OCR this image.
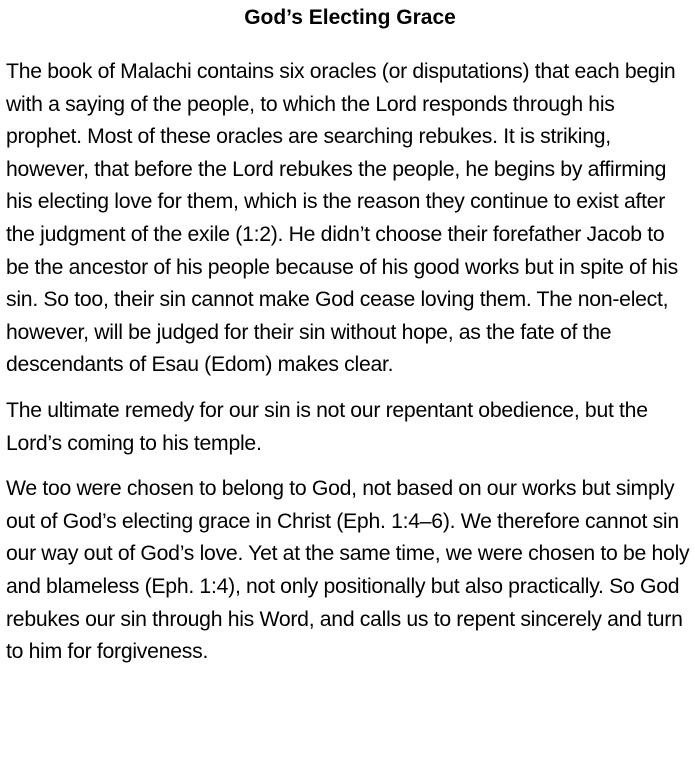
God’s Electing Grace

The book of Malachi contains six oracles (or disputations) that each begin with a saying of the people, to which the Lord responds through his prophet. Most of these oracles are searching rebukes. It is striking, however, that before the Lord rebukes the people, he begins by affirming his electing love for them, which is the reason they continue to exist after the judgment of the exile (1:2). He didn’t choose their forefather Jacob to be the ancestor of his people because of his good works but in spite of his sin. So too, their sin cannot make God cease loving them. The non-elect, however, will be judged for their sin without hope, as the fate of the descendants of Esau (Edom) makes clear.

The ultimate remedy for our sin is not our repentant obedience, but the Lord’s coming to his temple.

We too were chosen to belong to God, not based on our works but simply out of God’s electing grace in Christ (Eph. 1:4–6). We therefore cannot sin our way out of God’s love. Yet at the same time, we were chosen to be holy and blameless (Eph. 1:4), not only positionally but also practically. So God rebukes our sin through his Word, and calls us to repent sincerely and turn to him for forgiveness.
